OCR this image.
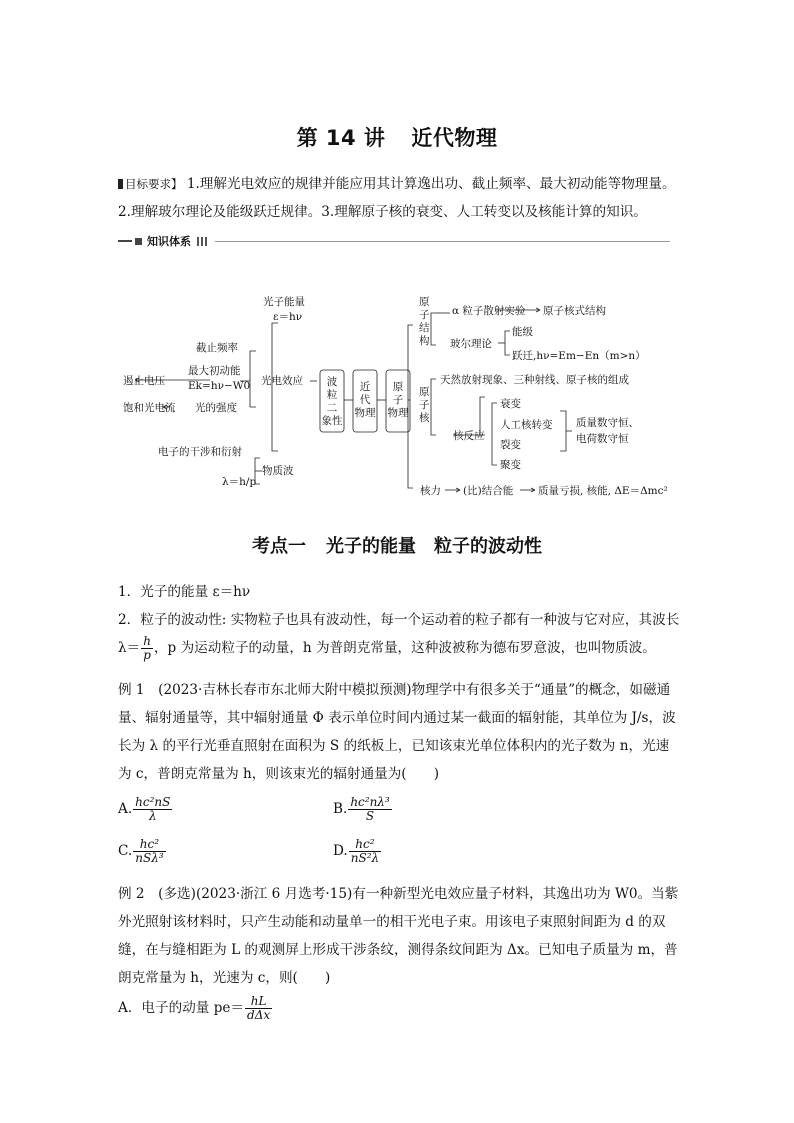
第 14 讲 近代物理
目标要求】 1.理解光电效应的规律并能应用其计算逸出功、截止频率、最大初动能等物理量。2.理解玻尔理论及能级跃迁规律。3.理解原子核的衰变、人工转变以及核能计算的知识。
知识体系
光子能量
ε＝hν
截止频率
最大初动能
Ek=hν−W0
遏止电压	光电效应
饱和光电流 光的强度
电子的干涉和衍射
物质波
λ＝h/p
波
粒
二
象性
近
代
物理
原
子
物理
原
子
结
构
α 粒子散射实验 原子核式结构
玻尔理论
能级
跃迁,hν=Em−En（m>n）
原
子
核
天然放射现象、三种射线、原子核的组成
核反应
衰变
人工核转变
裂变
聚变
质量数守恒、
电荷数守恒
核力 (比)结合能 质量亏损, 核能, ΔE＝Δmc²
考点一 光子的能量　粒子的波动性
1．光子的能量 ε＝hν
2．粒子的波动性: 实物粒子也具有波动性，每一个运动着的粒子都有一种波与它对应，其波长$\lambda= \frac{h}{p}$ ，p 为运动粒子的动量，h 为普朗克常量，这种波被称为德布罗意波，也叫物质波。
例 1　(2023·吉林长春市东北师大附中模拟预测)物理学中有很多关于“通量”的概念，如磁通量、辐射通量等，其中辐射通量 Φ 表示单位时间内通过某一截面的辐射能，其单位为 J/s，波长为 λ 的平行光垂直照射在面积为 S 的纸板上，已知该束光单位体积内的光子数为 n，光速为 c，普朗克常量为 h，则该束光的辐射通量为(　　)
A. $\frac{\text{hc²nS}}{\lambda}$	B. $\frac{\text{hc²nλ³}}{S}$
C. $\frac{\text{hc²}}{\text{nSλ³}}$	D. $\frac{\text{hc²}}{\text{nS²λ}}$
例 2　(多选)(2023·浙江 6 月选考·15)有一种新型光电效应量子材料，其逸出功为 W0。当紫外光照射该材料时，只产生动能和动量单一的相干光电子束。用该电子束照射间距为 d 的双缝，在与缝相距为 L 的观测屏上形成干涉条纹，测得条纹间距为 Δx。已知电子质量为 m，普朗克常量为 h，光速为 c，则(　　)
A．电子的动量 $pe= \frac{hL}{\text{dΔx}}$
